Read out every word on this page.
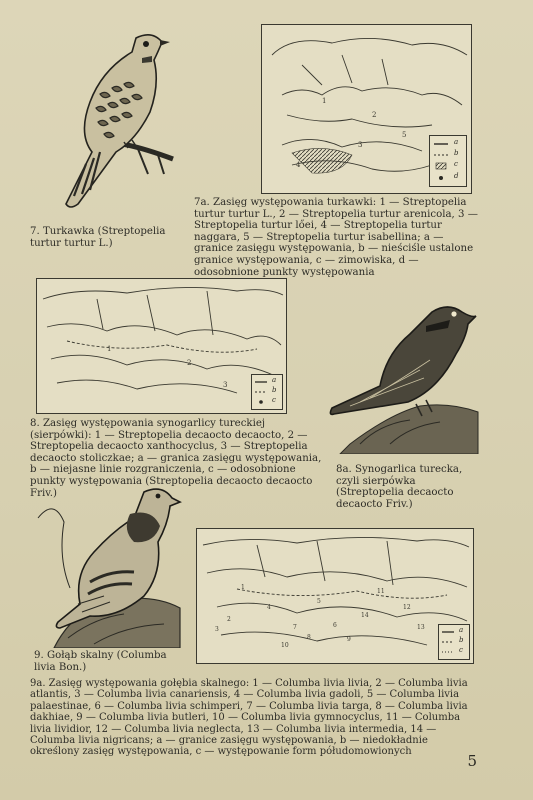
7. Turkawka (Streptopelia turtur turtur L.)
1
2
3
4
5
a
b
c
d
7a. Zasięg występowania turkawki: 1 — Streptopelia turtur turtur L., 2 — Streptopelia turtur arenicola, 3 — Streptopelia turtur lőei, 4 — Streptopelia turtur naggara, 5 — Streptopelia turtur isabellina; a — granice zasięgu występowania, b — nieściśle ustalone granice występowania, c — zimowiska, d — odosobnione punkty występowania
1
2
3
a
b
c
8. Zasięg występowania synogarlicy tureckiej (sierpówki): 1 — Streptopelia decaocto decaocto, 2 — Streptopelia decaocto xanthocyclus, 3 — Streptopelia decaocto stoliczkae; a — granica zasięgu występowania, b — niejasne linie rozgraniczenia, c — odosobnione punkty występowania (Streptopelia decaocto decaocto Friv.)
8a. Synogarlica turecka, czyli sierpówka (Streptopelia decaocto decaocto Friv.)
9. Gołąb skalny (Columba livia Bon.)
1
2
3
4
5
6
7
8	9
10
11
12
13
14
a
b
c
9a. Zasięg występowania gołębia skalnego: 1 — Columba livia livia, 2 — Columba livia atlantis, 3 — Columba livia canariensis, 4 — Columba livia gadoli, 5 — Columba livia palaestinae, 6 — Columba livia schimperi, 7 — Columba livia targa, 8 — Columba livia dakhiae, 9 — Columba livia butleri, 10 — Columba livia gymnocyclus, 11 — Columba livia lividior, 12 — Columba livia neglecta, 13 — Columba livia intermedia, 14 — Columba livia nigricans; a — granice zasięgu występowania, b — niedokładnie określony zasięg występowania, c — występowanie form półudomowionych
5
